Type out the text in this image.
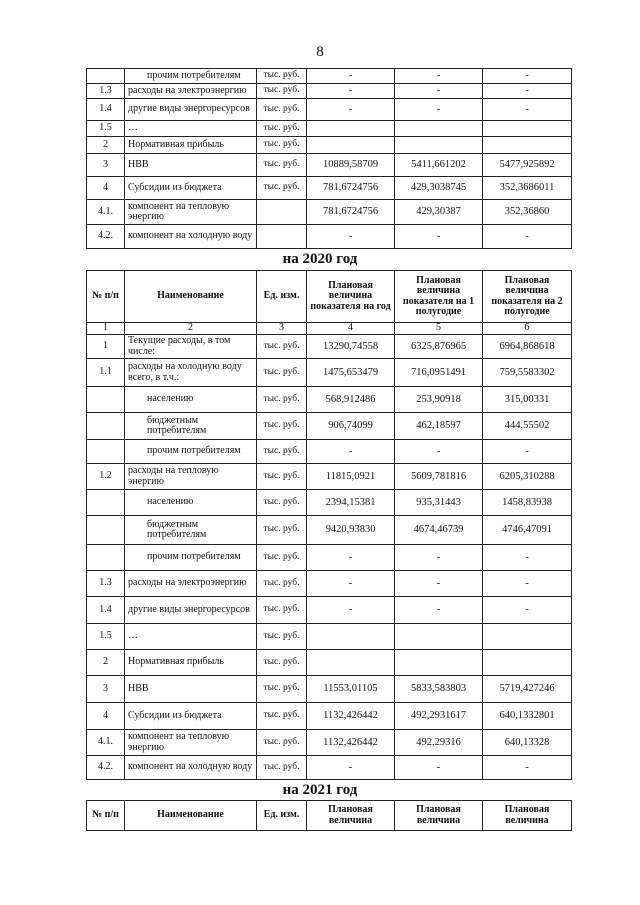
8
	прочим потребителям	тыс. руб.	-	-	-
1.3	расходы на электроэнергию	тыс. руб.	-	-	-
1.4	другие виды энергоресурсов	тыс. руб.	-	-	-
1.5	…	тыс. руб.			
2	Нормативная прибыль	тыс. руб.			
3	НВВ	тыс. руб.	10889,58709	5411,661202	5477,925892
4	Субсидии из бюджета	тыс. руб.	781,6724756	429,3038745	352,3686011
4.1.	компонент на тепловую энергию		781,6724756	429,30387	352,36860
4.2.	компонент на холодную воду		-	-	-
на 2020 год
№ п/п	Наименование	Ед. изм.	Плановая величина показателя на год	Плановая величина показателя на 1 полугодие	Плановая величина показателя на 2 полугодие
1	2	3	4	5	6
1	Текущие расходы, в том числе:	тыс. руб.	13290,74558	6325,876965	6964,868618
1.1	расходы на холодную воду всего, в т.ч.:	тыс. руб.	1475,653479	716,0951491	759,5583302
	населению	тыс. руб.	568,912486	253,90918	315,00331
	бюджетным потребителям	тыс. руб.	906,74099	462,18597	444,55502
	прочим потребителям	тыс. руб.	-	-	-
1.2	расходы на тепловую энергию	тыс. руб.	11815,0921	5609,781816	6205,310288
	населению	тыс. руб.	2394,15381	935,31443	1458,83938
	бюджетным потребителям	тыс. руб.	9420,93830	4674,46739	4746,47091
	прочим потребителям	тыс. руб.	-	-	-
1.3	расходы на электроэнергию	тыс. руб.	-	-	-
1.4	другие виды энергоресурсов	тыс. руб.	-	-	-
1.5	…	тыс. руб.			
2	Нормативная прибыль	тыс. руб.			
3	НВВ	тыс. руб.	11553,01105	5833,583803	5719,427246
4	Субсидии из бюджета	тыс. руб.	1132,426442	492,2931617	640,1332801
4.1.	компонент на тепловую энергию	тыс. руб.	1132,426442	492,29316	640,13328
4.2.	компонент на холодную воду	тыс. руб.	-	-	-
на 2021 год
№ п/п	Наименование	Ед. изм.	Плановая величина	Плановая величина	Плановая величина
